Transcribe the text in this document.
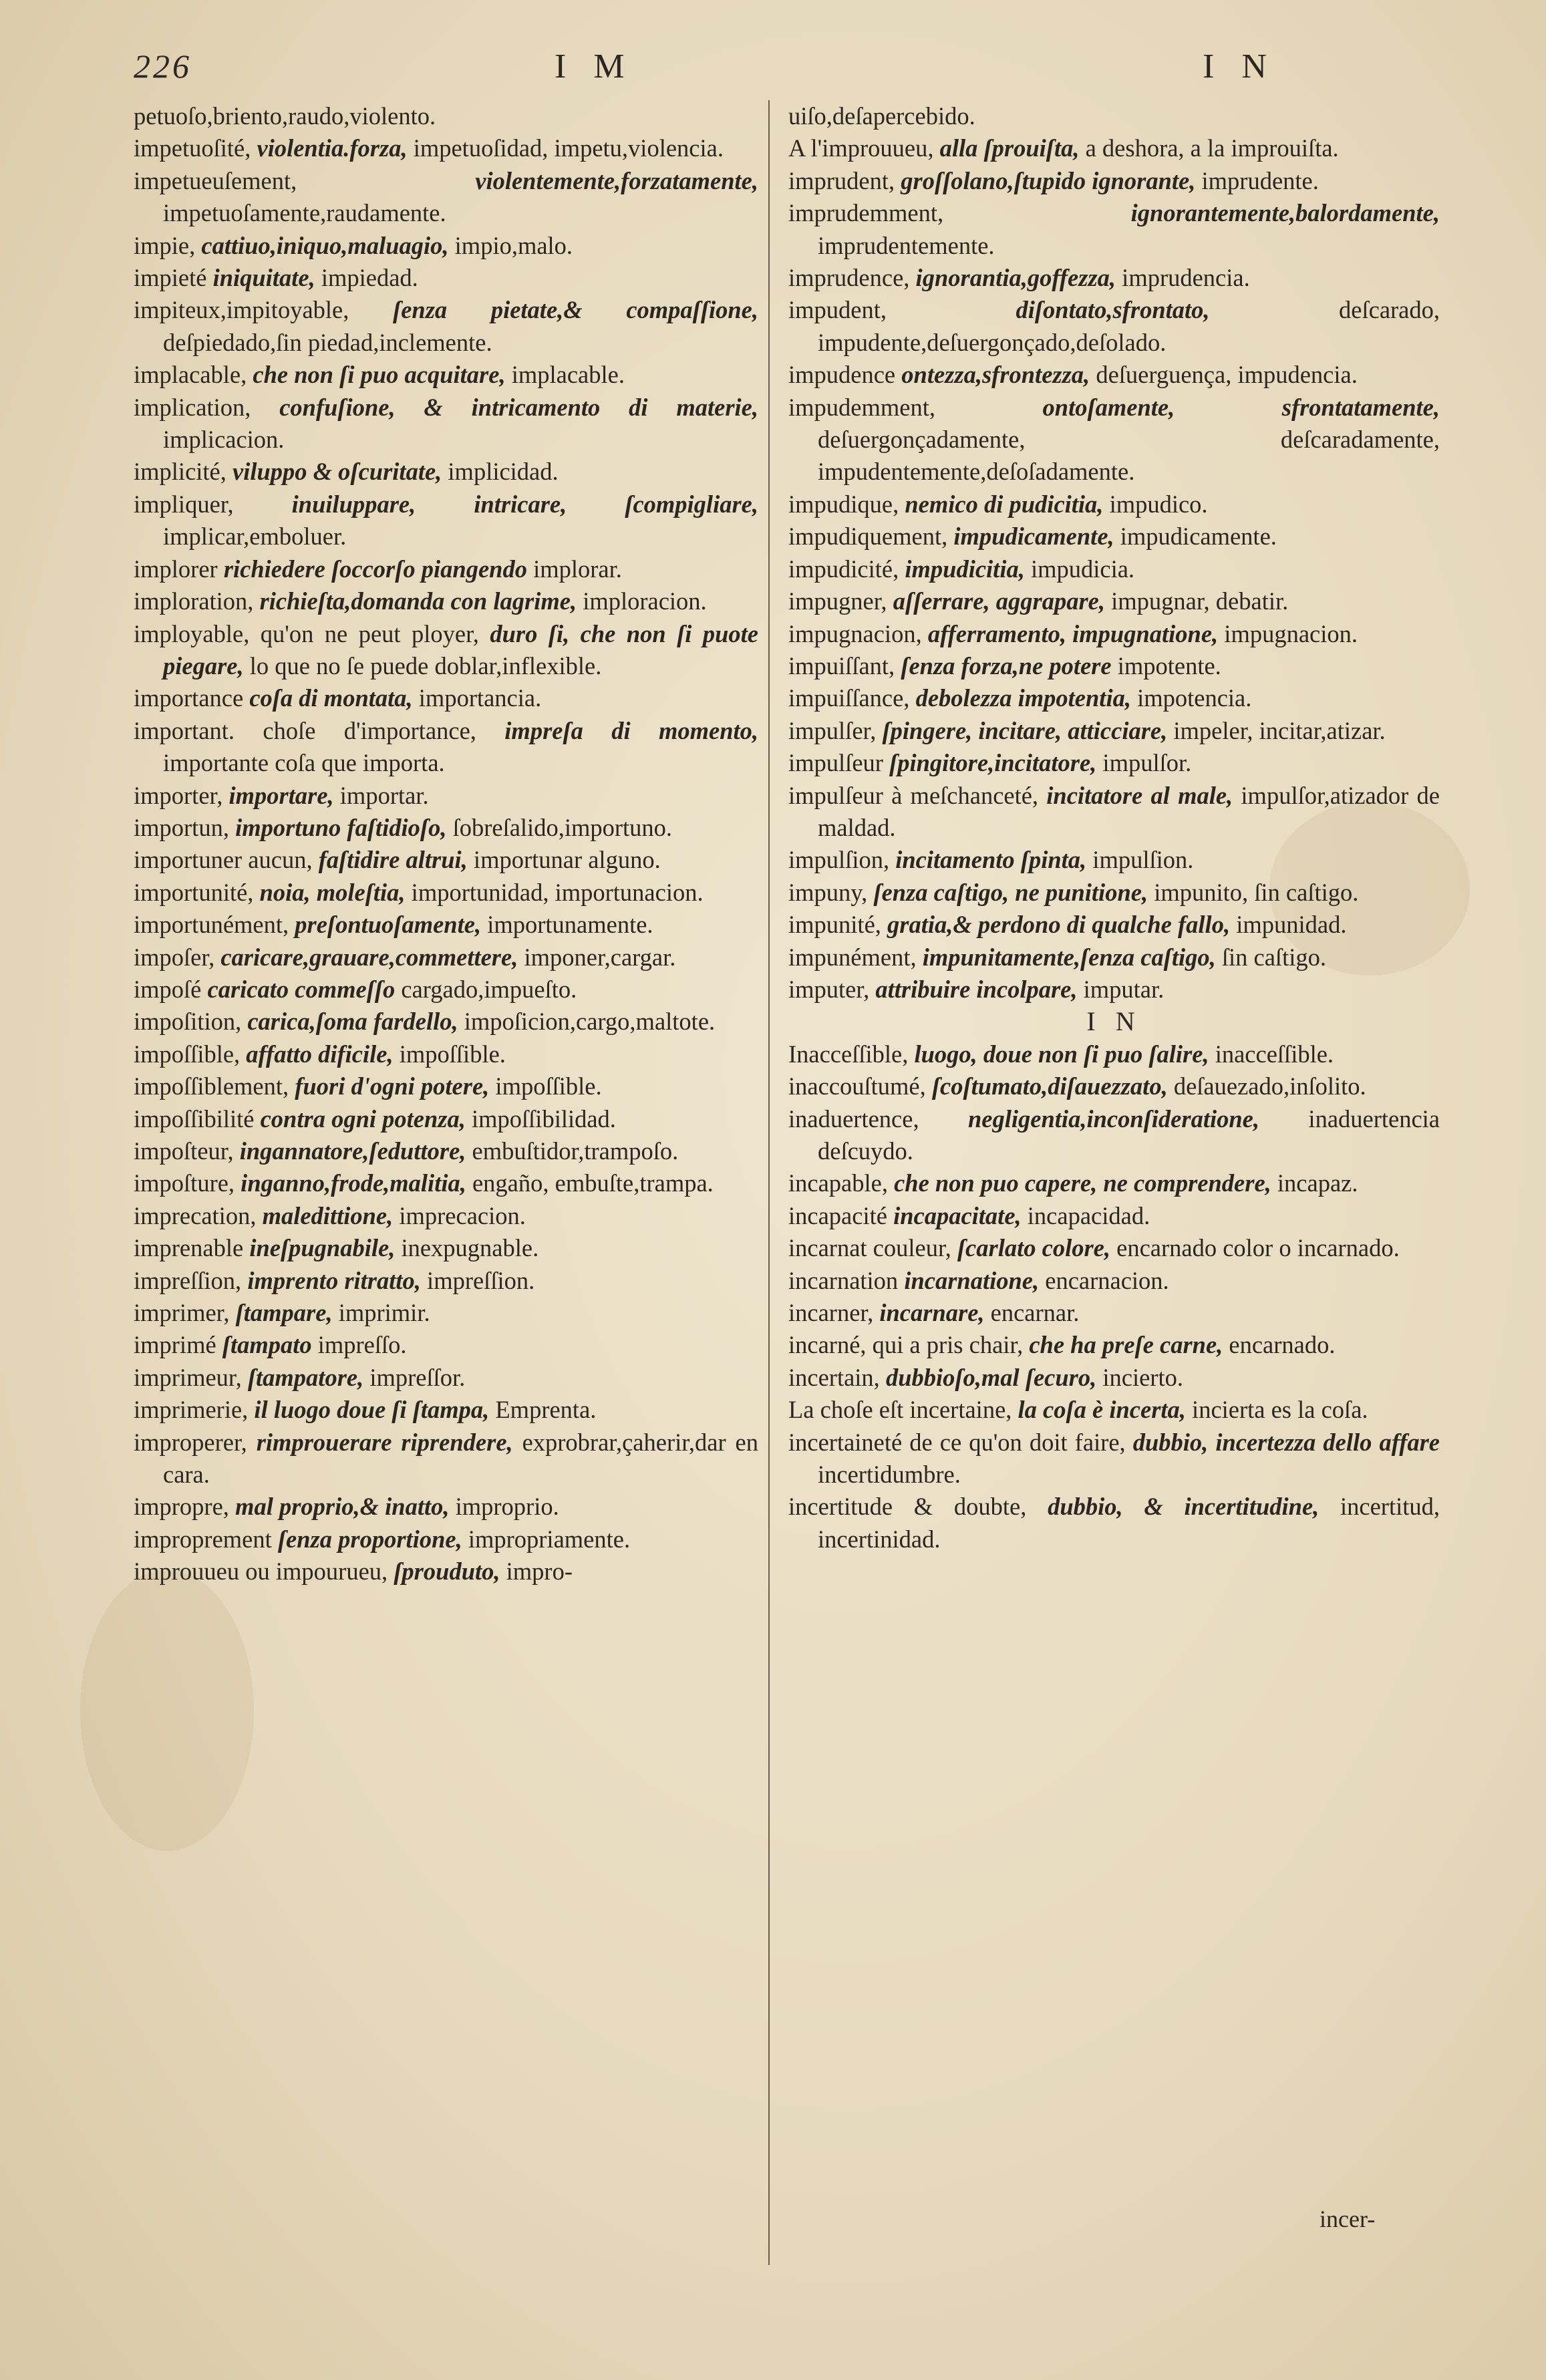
226	I M	I N

petuoſo,briento,raudo,violento.

impetuoſité, violentia.forza, impetuoſidad, impetu,violencia.

impetueuſement,	violentemente,forzatamente, impetuoſamente,raudamente.

impie, cattiuo,iniquo,maluagio, impio,malo.

impieté iniquitate, impiedad.

impiteux,impitoyable, ſenza pietate,& compaſſione, deſpiedado,ſin piedad,inclemente.

implacable, che non ſi puo acquitare, implacable.

implication, confuſione, & intricamento di materie, implicacion.

implicité, viluppo & oſcuritate, implicidad.

impliquer, inuiluppare, intricare, ſcompigliare, implicar,emboluer.

implorer richiedere ſoccorſo piangendo implorar.

imploration, richieſta,domanda con lagrime, imploracion.

imployable, qu'on ne peut ployer, duro ſi, che non ſi puote piegare, lo que no ſe puede doblar,inflexible.

importance coſa di montata, importancia.

important. choſe d'importance, impreſa di momento, importante coſa que importa.

importer, importare, importar.

importun, importuno faſtidioſo, ſobreſalido,importuno.

importuner aucun, faſtidire altrui, importunar alguno.

importunité, noia, moleſtia, importunidad, importunacion.

importunément, preſontuoſamente, importunamente.

impoſer, caricare,grauare,commettere, imponer,cargar.

impoſé caricato commeſſo cargado,impueſto.

impoſition, carica,ſoma fardello, impoſicion,cargo,maltote.

impoſſible, affatto dificile, impoſſible.

impoſſiblement, fuori d'ogni potere, impoſſible.

impoſſibilité contra ogni potenza, impoſſibilidad.

impoſteur, ingannatore,ſeduttore, embuſtidor,trampoſo.

impoſture, inganno,frode,malitia, engaño, embuſte,trampa.

imprecation, maledittione, imprecacion.

imprenable ineſpugnabile, inexpugnable.

impreſſion, imprento ritratto, impreſſion.

imprimer, ſtampare, imprimir.

imprimé ſtampato impreſſo.

imprimeur, ſtampatore, impreſſor.

imprimerie, il luogo doue ſi ſtampa, Emprenta.

improperer, rimprouerare riprendere, exprobrar,çaherir,dar en cara.

impropre, mal proprio,& inatto, improprio.

improprement ſenza proportione, impropriamente.

improuueu ou impourueu, ſprouduto, impro-

uiſo,deſapercebido.

A l'improuueu, alla ſprouiſta, a deshora, a la improuiſta.

imprudent, groſſolano,ſtupido ignorante, imprudente.

imprudemment,	ignorantemente,balordamente, imprudentemente.

imprudence, ignorantia,goffezza, imprudencia.

impudent,	diſontato,sfrontato,	deſcarado, impudente,deſuergonçado,deſolado.

impudence ontezza,sfrontezza, deſuerguença, impudencia.

impudemment,	ontoſamente, sfrontatamente, deſuergonçadamente, deſcaradamente, impudentemente,deſoſadamente.

impudique, nemico di pudicitia, impudico.

impudiquement, impudicamente, impudicamente.

impudicité, impudicitia, impudicia.

impugner, aſſerrare, aggrapare, impugnar, debatir.

impugnacion, afferramento, impugnatione, impugnacion.

impuiſſant, ſenza forza,ne potere impotente.

impuiſſance, debolezza impotentia, impotencia.

impulſer, ſpingere, incitare, atticciare, impeler, incitar,atizar.

impulſeur ſpingitore,incitatore, impulſor.

impulſeur à meſchanceté, incitatore al male, impulſor,atizador de maldad.

impulſion, incitamento ſpinta, impulſion.

impuny, ſenza caſtigo, ne punitione, impunito, ſin caſtigo.

impunité, gratia,& perdono di qualche fallo, impunidad.

impunément, impunitamente,ſenza caſtigo, ſin caſtigo.

imputer, attribuire incolpare, imputar.

I N

Inacceſſible, luogo, doue non ſi puo ſalire, inacceſſible.

inaccouſtumé, ſcoſtumato,diſauezzato, deſauezado,inſolito.

inaduertence, negligentia,inconſideratione, inaduertencia deſcuydo.

incapable, che non puo capere, ne comprendere, incapaz.

incapacité incapacitate, incapacidad.

incarnat couleur, ſcarlato colore, encarnado color o incarnado.

incarnation incarnatione, encarnacion.

incarner, incarnare, encarnar.

incarné, qui a pris chair, che ha preſe carne, encarnado.

incertain, dubbioſo,mal ſecuro, incierto.

La choſe eſt incertaine, la coſa è incerta, incierta es la coſa.

incertaineté de ce qu'on doit faire, dubbio, incertezza dello affare incertidumbre.

incertitude & doubte, dubbio, & incertitudine, incertitud, incertinidad.

incer-
